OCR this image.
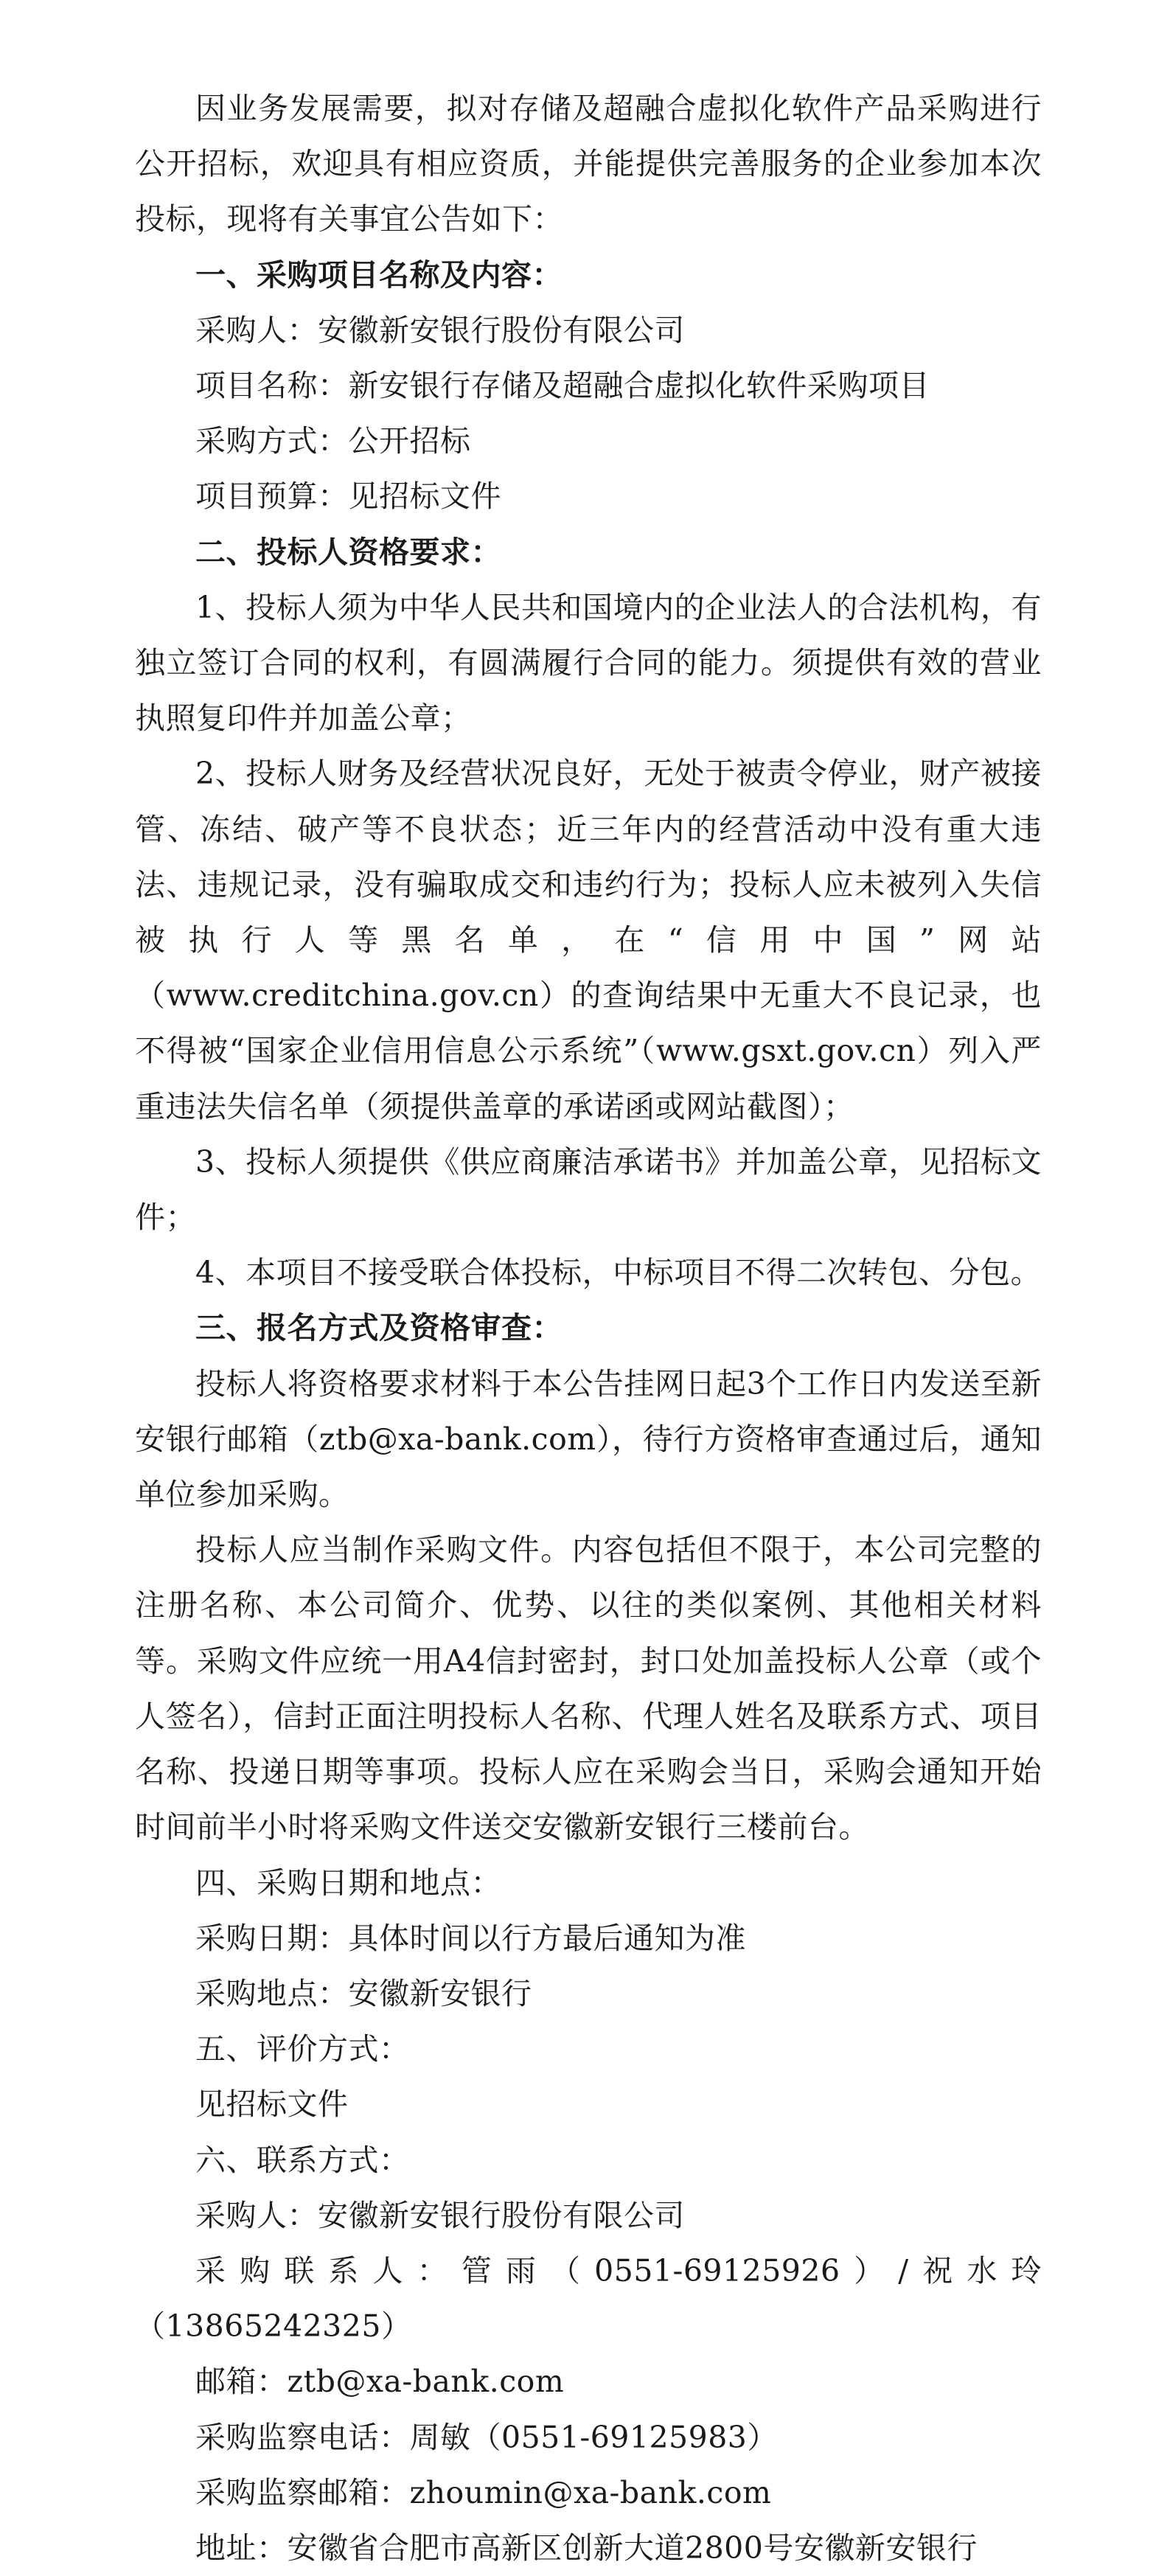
因业务发展需要，拟对存储及超融合虚拟化软件产品采购进行公开招标，欢迎具有相应资质，并能提供完善服务的企业参加本次投标，现将有关事宜公告如下：

一、采购项目名称及内容：

采购人：安徽新安银行股份有限公司

项目名称：新安银行存储及超融合虚拟化软件采购项目

采购方式：公开招标

项目预算：见招标文件

二、投标人资格要求：

1、投标人须为中华人民共和国境内的企业法人的合法机构，有独立签订合同的权利，有圆满履行合同的能力。须提供有效的营业执照复印件并加盖公章；

2、投标人财务及经营状况良好，无处于被责令停业，财产被接管、冻结、破产等不良状态；近三年内的经营活动中没有重大违法、违规记录，没有骗取成交和违约行为；投标人应未被列入失信被执行人等黑名单，在“信用中国”网站（www.creditchina.gov.cn）的查询结果中无重大不良记录，也不得被“国家企业信用信息公示系统”（www.gsxt.gov.cn）列入严重违法失信名单（须提供盖章的承诺函或网站截图）；

3、投标人须提供《供应商廉洁承诺书》并加盖公章，见招标文件；

4、本项目不接受联合体投标，中标项目不得二次转包、分包。

三、报名方式及资格审查：

投标人将资格要求材料于本公告挂网日起3个工作日内发送至新安银行邮箱（ztb@xa-bank.com），待行方资格审查通过后，通知单位参加采购。

投标人应当制作采购文件。内容包括但不限于，本公司完整的注册名称、本公司简介、优势、以往的类似案例、其他相关材料等。采购文件应统一用A4信封密封，封口处加盖投标人公章（或个人签名），信封正面注明投标人名称、代理人姓名及联系方式、项目名称、投递日期等事项。投标人应在采购会当日，采购会通知开始时间前半小时将采购文件送交安徽新安银行三楼前台。

四、采购日期和地点：

采购日期：具体时间以行方最后通知为准

采购地点：安徽新安银行

五、评价方式：

见招标文件

六、联系方式：

采购人：安徽新安银行股份有限公司

采购联系人：管雨（0551-69125926）/祝水玲（13865242325）

邮箱：ztb@xa-bank.com

采购监察电话：周敏（0551-69125983）

采购监察邮箱：zhoumin@xa-bank.com

地址：安徽省合肥市高新区创新大道2800号安徽新安银行
